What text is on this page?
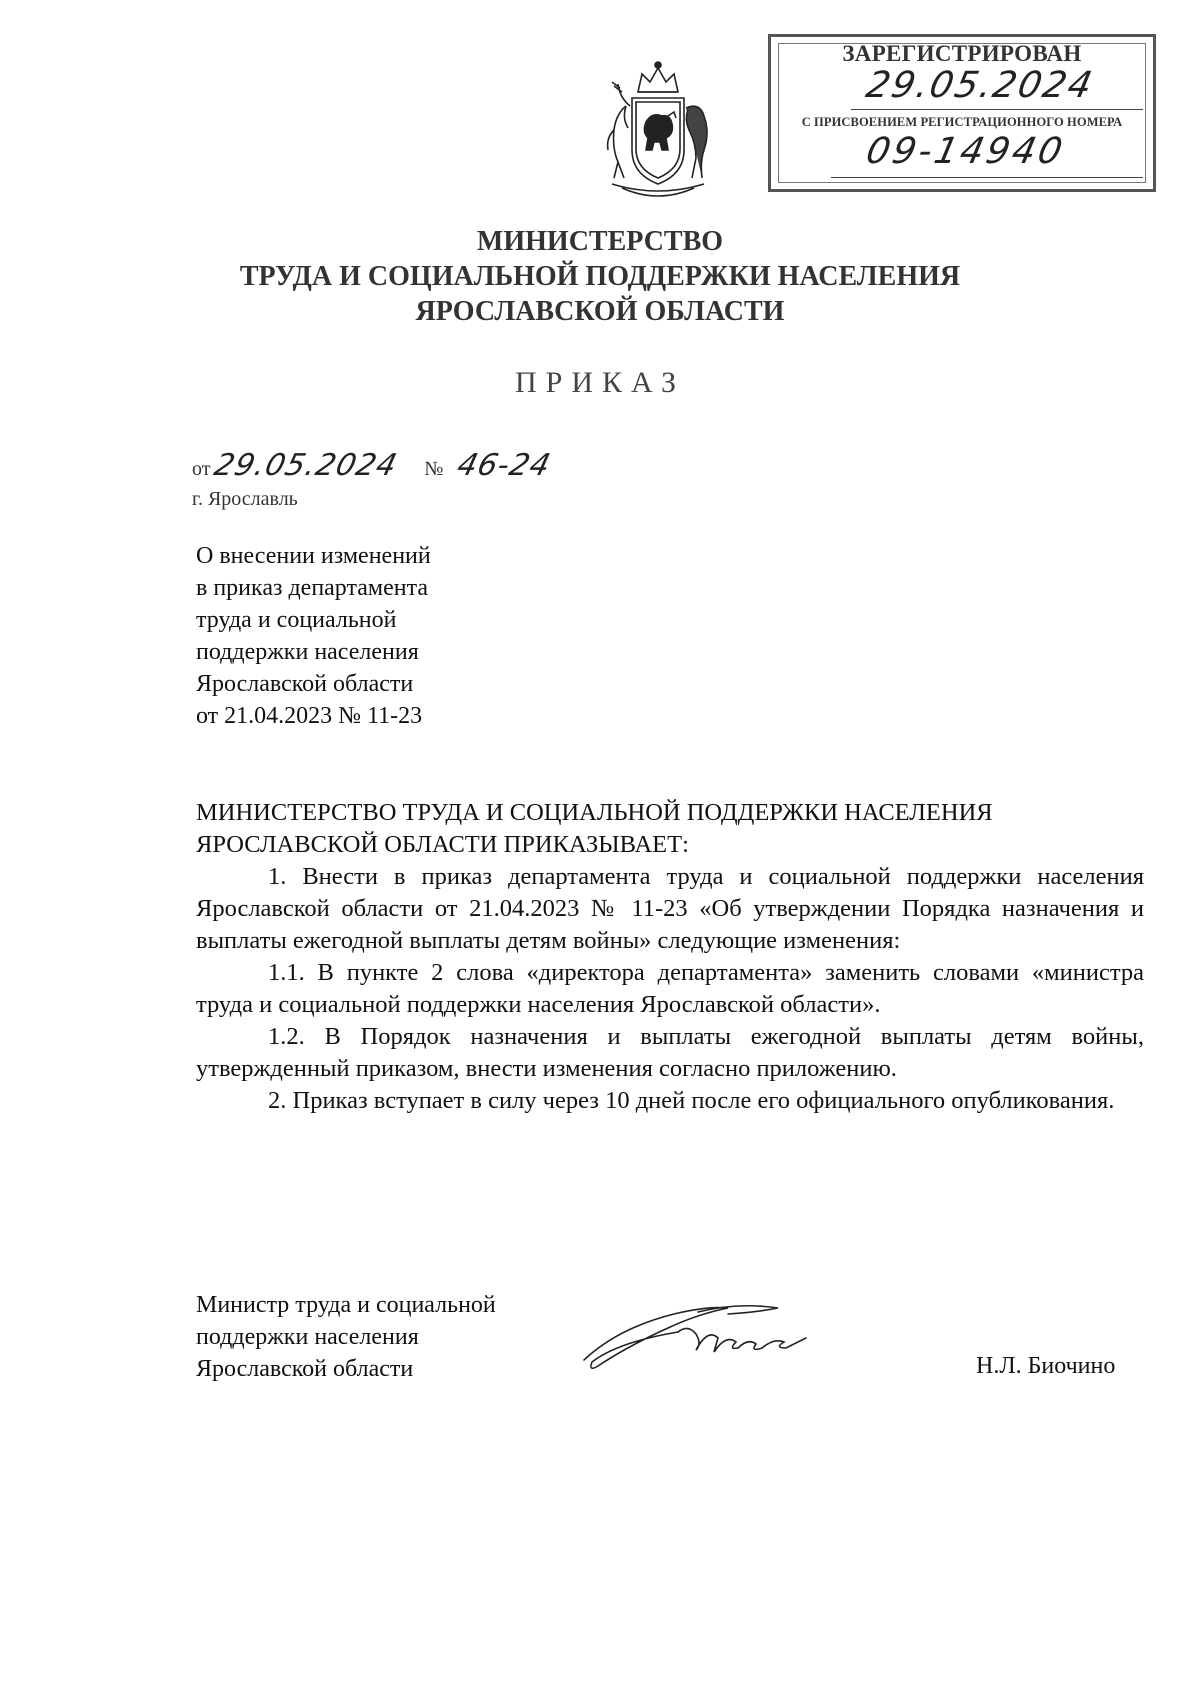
ЗАРЕГИСТРИРОВАН
29.05.2024
С ПРИСВОЕНИЕМ РЕГИСТРАЦИОННОГО НОМЕРА
09-14940
МИНИСТЕРСТВО
ТРУДА И СОЦИАЛЬНОЙ ПОДДЕРЖКИ НАСЕЛЕНИЯ
ЯРОСЛАВСКОЙ ОБЛАСТИ
ПРИКАЗ
от 29.05.2024 № 46-24
г. Ярославль
О внесении изменений
в приказ департамента
труда и социальной
поддержки населения
Ярославской области
от 21.04.2023 № 11-23

МИНИСТЕРСТВО ТРУДА И СОЦИАЛЬНОЙ ПОДДЕРЖКИ НАСЕЛЕНИЯ

ЯРОСЛАВСКОЙ ОБЛАСТИ ПРИКАЗЫВАЕТ:

1. Внести в приказ департамента труда и социальной поддержки населения Ярославской области от 21.04.2023 № 11-23 «Об утверждении Порядка назначения и выплаты ежегодной выплаты детям войны» следующие изменения:

1.1. В пункте 2 слова «директора департамента» заменить словами «министра труда и социальной поддержки населения Ярославской области».

1.2. В Порядок назначения и выплаты ежегодной выплаты детям войны, утвержденный приказом, внести изменения согласно приложению.

2. Приказ вступает в силу через 10 дней после его официального опубликования.

Министр труда и социальной
поддержки населения
Ярославской области	Н.Л. Биочино
